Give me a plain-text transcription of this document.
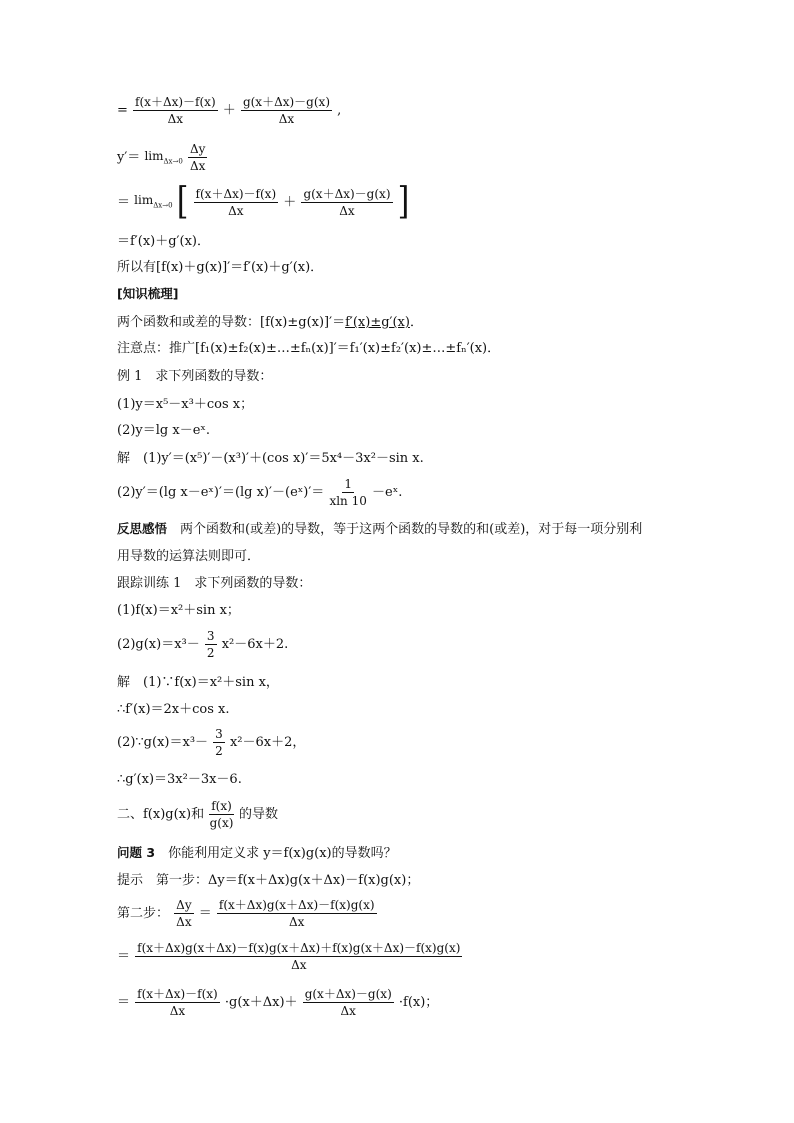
= $\frac{f(x+\Delta x)-f(x)}{\Delta x} + \frac{g(x+\Delta x)-g(x)}{\Delta x}$ ,
$y'= \lim_{\Delta x\to 0} \frac{\Delta y}{\Delta x}$
＝ $\lim_{\Delta x\to 0}$ [ $\frac{f(x+\Delta x)-f(x)}{\Delta x} + \frac{g(x+\Delta x)-g(x)}{\Delta x}$ ]
＝f′(x)＋g′(x)．
所以有[f(x)＋g(x)]′＝f′(x)＋g′(x)．
[知识梳理]
两个函数和或差的导数：[f(x)±g(x)]′＝f′(x)±g′(x)．
注意点：推广[f₁(x)±f₂(x)±…±fₙ(x)]′＝f₁′(x)±f₂′(x)±…±fₙ′(x)．
例 1　求下列函数的导数：
(1)y＝x⁵－x³＋cos x；
(2)y＝lg x－eˣ.
解　(1)y′＝(x⁵)′－(x³)′＋(cos x)′＝5x⁴－3x²－sin x.
(2)y′＝(lg x－eˣ)′＝(lg x)′－(eˣ)′＝ $\frac{1}{xln 10}$ －eˣ.
反思感悟　两个函数和(或差)的导数，等于这两个函数的导数的和(或差)，对于每一项分别利
用导数的运算法则即可．
跟踪训练 1　求下列函数的导数：
(1)f(x)＝x²＋sin x；
$(2)g(x)=x^3- \frac{3}{2} x^2-6x+2$.
解　(1)∵f(x)＝x²＋sin x，
∴f′(x)＝2x＋cos x.
(2)∵g(x)＝x³－ $\frac{3}{2} x^2-6x+2$，
∴g′(x)＝3x²－3x－6.
二、f(x)g(x)和 $\frac{f(x)}{g(x)}$ 的导数
问题 3　你能利用定义求 y＝f(x)g(x)的导数吗？
提示　第一步：Δy＝f(x＋Δx)g(x＋Δx)－f(x)g(x)；
第二步： $\frac{\Delta y}{\Delta x} = \frac{f(x+\Delta x)g(x+\Delta x)-f(x)g(x)}{\Delta x}$
＝ $\frac{f(x+\Delta x)g(x+\Delta x)-f(x)g(x+\Delta x)+f(x)g(x+\Delta x)-f(x)g(x)}{\Delta x}$
＝ $\frac{f(x+\Delta x)-f(x)}{\Delta x} \cdot g(x+\Delta x)+ \frac{g(x+\Delta x)-g(x)}{\Delta x} \cdot f(x)$；
